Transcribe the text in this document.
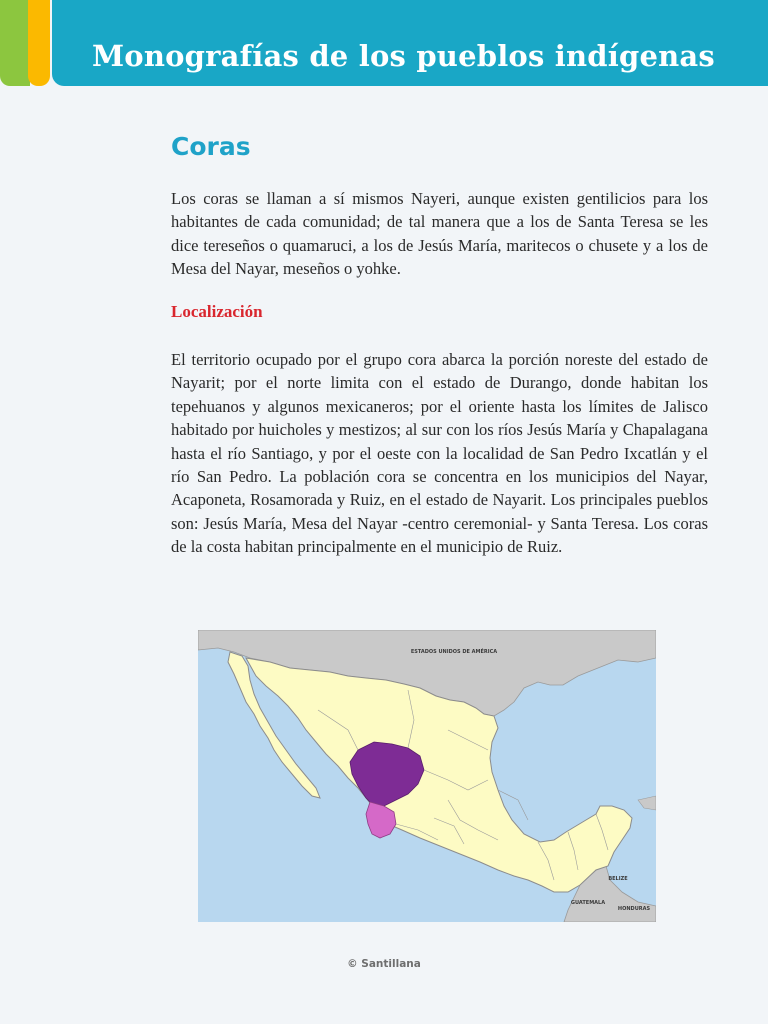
Monografías de los pueblos indígenas
Coras

Los coras se llaman a sí mismos Nayeri, aunque existen gentilicios para los habitantes de cada comunidad; de tal manera que a los de Santa Teresa se les dice tereseños o quamaruci, a los de Jesús María, maritecos o chusete y a los de Mesa del Nayar, meseños o yohke.

Localización

El territorio ocupado por el grupo cora abarca la porción noreste del estado de Nayarit; por el norte limita con el estado de Durango, donde habitan los tepehuanos y algunos mexicaneros; por el oriente hasta los límites de Jalisco habitado por huicholes y mestizos; al sur con los ríos Jesús María y Chapalagana hasta el río Santiago, y por el oeste con la localidad de San Pedro Ixcatlán y el río San Pedro. La población cora se concentra en los municipios del Nayar, Acaponeta, Rosamorada y Ruiz, en el estado de Nayarit. Los principales pueblos son: Jesús María, Mesa del Nayar -centro ceremonial- y Santa Teresa. Los coras de la costa habitan principalmente en el municipio de Ruiz.

ESTADOS UNIDOS DE AMÉRICA
BELIZE
GUATEMALA
HONDURAS
© Santillana
